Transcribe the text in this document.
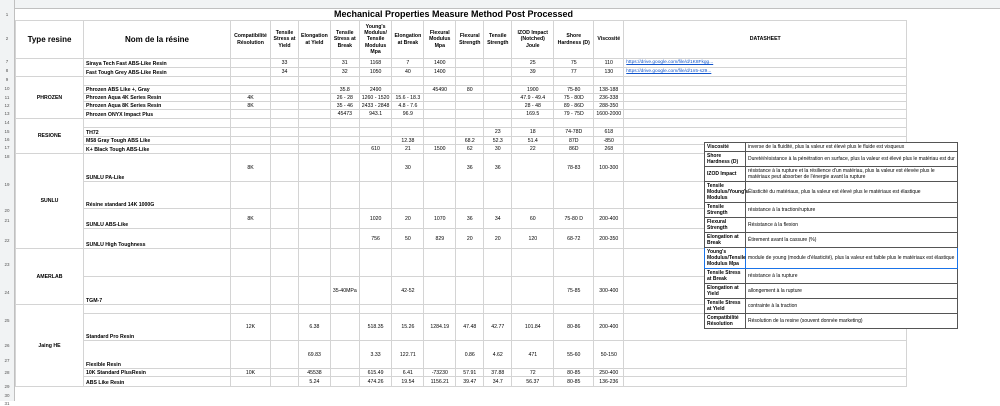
1
2
7
8
9
10
11
12
13
14
15
16
17
18
19
20
21
22
23
24
25
26
27
28
29
30
31
Mechanical Properties Measure Method Post Processed
Type resine	Nom de la résine	Compatibilité Résolution	Tensile Stress at Yield	Elongation at Yield	Tensile Stress at Break	Young's Modulus/ Tensile Modulus Mpa	Elongation at Break	Flexural Modulus Mpa	Flexural Strength	Tensile Strength	IZOD Impact (Notched) Joule	Shore Hardness (D)	Viscosité	DATASHEET
	Siraya Tech Fast ABS-Like Resin		33		31	1168	7	1400			25	75	110	https://drive.google.com/file/d/1K8Fkgg...
	Fast Tough Grey ABS-Like Resin		34		32	1050	40	1400			39	77	130	https://drive.google.com/file/d/1n5-s29...
PHROZEN														
	Phrozen ABS Like +, Gray				35.8	2490		45490	80		1900	75-80	138-188	
	Phrozen Aqua 4K Series Resin	4K			26 - 28	1260 - 1520	15.6 - 18.3				47.9 - 49.4	75 - 80D	236-338	
	Phrozen Aqua 8K Series Resin	8K			35 - 46	2433 - 2848	4.8 - 7.6				28 - 48	89 - 86D	288-350	
	Phrozen ONYX Impact Plus				45473	943.1	96.9				169.5	79 - 75D	1600-2000	
RESIONE														
	TH72									23	18	74-78D	618	
	M58 Gray Tough ABS Like						12.38		68.2	52.3	51.4	87D	-850	
	K+ Black Tough ABS-Like					610	21	1500	62	30	22	86D	268	
SUNLU	SUNLU PA-Like	8K					30		36	36		78-83	100-300	
	Résine standard 14K 1000G													
	SUNLU ABS-Like	8K				1020	20	1070	36	34	60	75-80 D	200-400	
	SUNLU High Toughness					756	50	829	20	20	120	68-72	200-350	
AMERLAB														
	TGM-7				35-40MPa		42-52					75-85	300-400	
Jaing HE														
	Standard Pro Resin	12K		6.38		518.35	15.26	1284.19	47.48	42.77	101.84	80-86	200-400	
	Flexible Resin			69.83		3.33	122.71		0.86	4.62	471	55-60	50-150	
	10K Standard PlusResin	10K		45538		615.49	6.41	-73230	57.91	37.88	72	80-85	250-400	
	ABS Like Resin			5.24		474.26	19.54	1156.21	39.47	34.7	56.37	80-85	136-236	
Viscosité	inverse de la fluidité, plus la valeur est élevé plus le fluide est visqueux
Shore Hardness (D)	Dureté/résistance à la pénétration en surface, plus la valeur est élevé plus le matériau est dur
IZOD Impact	résistance à la rupture et la résilience d'un matériau, plus la valeur est élevée plus le matériaux peut absorber de l'énergie avant la rupture
Tensile Modulus/Young's Modulus	Élasticité du matériaux, plus la valeur est élevé plus le matériaux est élastique
Tensile Strength	résistance à la traction/rupture
Flexural Strength	Résistance à la flexion
Elongation at Break	Étirement avant la cassure (%)
Young's Modulus/Tensile Modulus Mpa	module de young (module d'élasticité), plus la valeur est faible plus le matériaux est élastique
Tensile Stress at Break	résistance à la rupture
Elongation at Yield	allongement à la rupture
Tensile Stress at Yield	contrainte à la traction
Compatibilité Résolution	Résolution de la resine (souvent donnée marketing)
